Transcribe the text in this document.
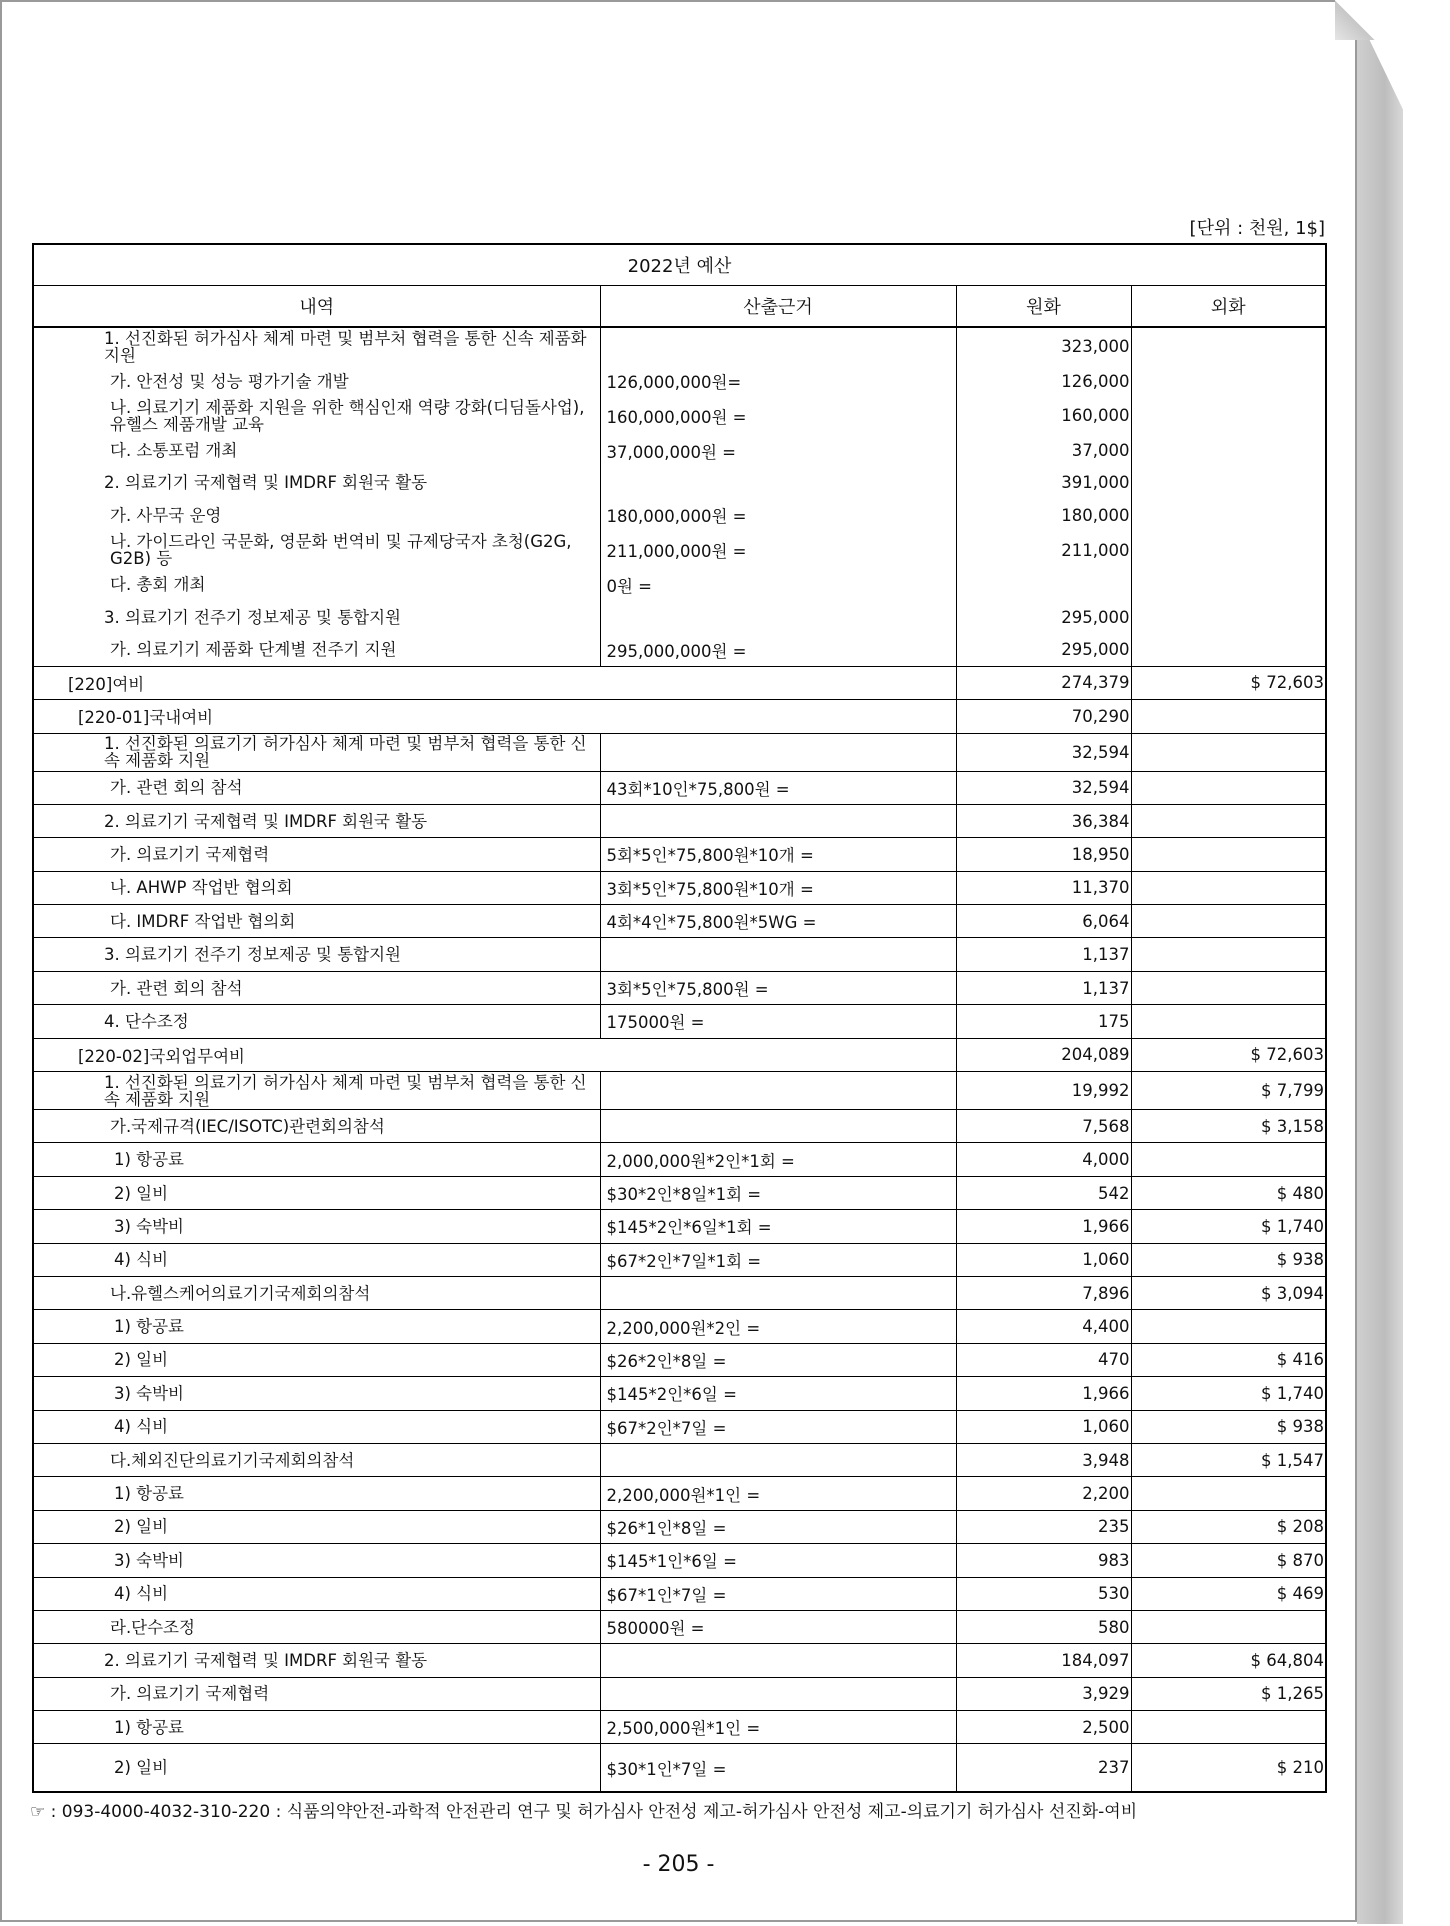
[단위 : 천원, 1$]
2022년 예산			
내역	산출근거	원화	외화
1. 선진화된 허가심사 체계 마련 및 범부처 협력을 통한 신속 제품화 지원		323,000	
가. 안전성 및 성능 평가기술 개발	126,000,000원=	126,000	
나. 의료기기 제품화 지원을 위한 핵심인재 역량 강화(디딤돌사업), 유헬스 제품개발 교육	160,000,000원 =	160,000	
다. 소통포럼 개최	37,000,000원 =	37,000	
2. 의료기기 국제협력 및 IMDRF 회원국 활동		391,000	
가. 사무국 운영	180,000,000원 =	180,000	
나. 가이드라인 국문화, 영문화 번역비 및 규제당국자 초청(G2G, G2B) 등	211,000,000원 =	211,000	
다. 총회 개최	0원 =		
3. 의료기기 전주기 정보제공 및 통합지원		295,000	
가. 의료기기 제품화 단계별 전주기 지원	295,000,000원 =	295,000	
[220]여비		274,379	$ 72,603
[220-01]국내여비		70,290	
1. 선진화된 의료기기 허가심사 체계 마련 및 범부처 협력을 통한 신속 제품화 지원		32,594	
가. 관련 회의 참석	43회*10인*75,800원 =	32,594	
2. 의료기기 국제협력 및 IMDRF 회원국 활동		36,384	
가. 의료기기 국제협력	5회*5인*75,800원*10개 =	18,950	
나. AHWP 작업반 협의회	3회*5인*75,800원*10개 =	11,370	
다. IMDRF 작업반 협의회	4회*4인*75,800원*5WG =	6,064	
3. 의료기기 전주기 정보제공 및 통합지원		1,137	
가. 관련 회의 참석	3회*5인*75,800원 =	1,137	
4. 단수조정	175000원 =	175	
[220-02]국외업무여비		204,089	$ 72,603
1. 선진화된 의료기기 허가심사 체계 마련 및 범부처 협력을 통한 신속 제품화 지원		19,992	$ 7,799
가.국제규격(IEC/ISOTC)관련회의참석		7,568	$ 3,158
1) 항공료	2,000,000원*2인*1회 =	4,000	
2) 일비	$30*2인*8일*1회 =	542	$ 480
3) 숙박비	$145*2인*6일*1회 =	1,966	$ 1,740
4) 식비	$67*2인*7일*1회 =	1,060	$ 938
나.유헬스케어의료기기국제회의참석		7,896	$ 3,094
1) 항공료	2,200,000원*2인 =	4,400	
2) 일비	$26*2인*8일 =	470	$ 416
3) 숙박비	$145*2인*6일 =	1,966	$ 1,740
4) 식비	$67*2인*7일 =	1,060	$ 938
다.체외진단의료기기국제회의참석		3,948	$ 1,547
1) 항공료	2,200,000원*1인 =	2,200	
2) 일비	$26*1인*8일 =	235	$ 208
3) 숙박비	$145*1인*6일 =	983	$ 870
4) 식비	$67*1인*7일 =	530	$ 469
라.단수조정	580000원 =	580	
2. 의료기기 국제협력 및 IMDRF 회원국 활동		184,097	$ 64,804
가. 의료기기 국제협력		3,929	$ 1,265
1) 항공료	2,500,000원*1인 =	2,500	
2) 일비	$30*1인*7일 =	237	$ 210
☞ : 093-4000-4032-310-220 : 식품의약안전-과학적 안전관리 연구 및 허가심사 안전성 제고-허가심사 안전성 제고-의료기기 허가심사 선진화-여비
- 205 -
